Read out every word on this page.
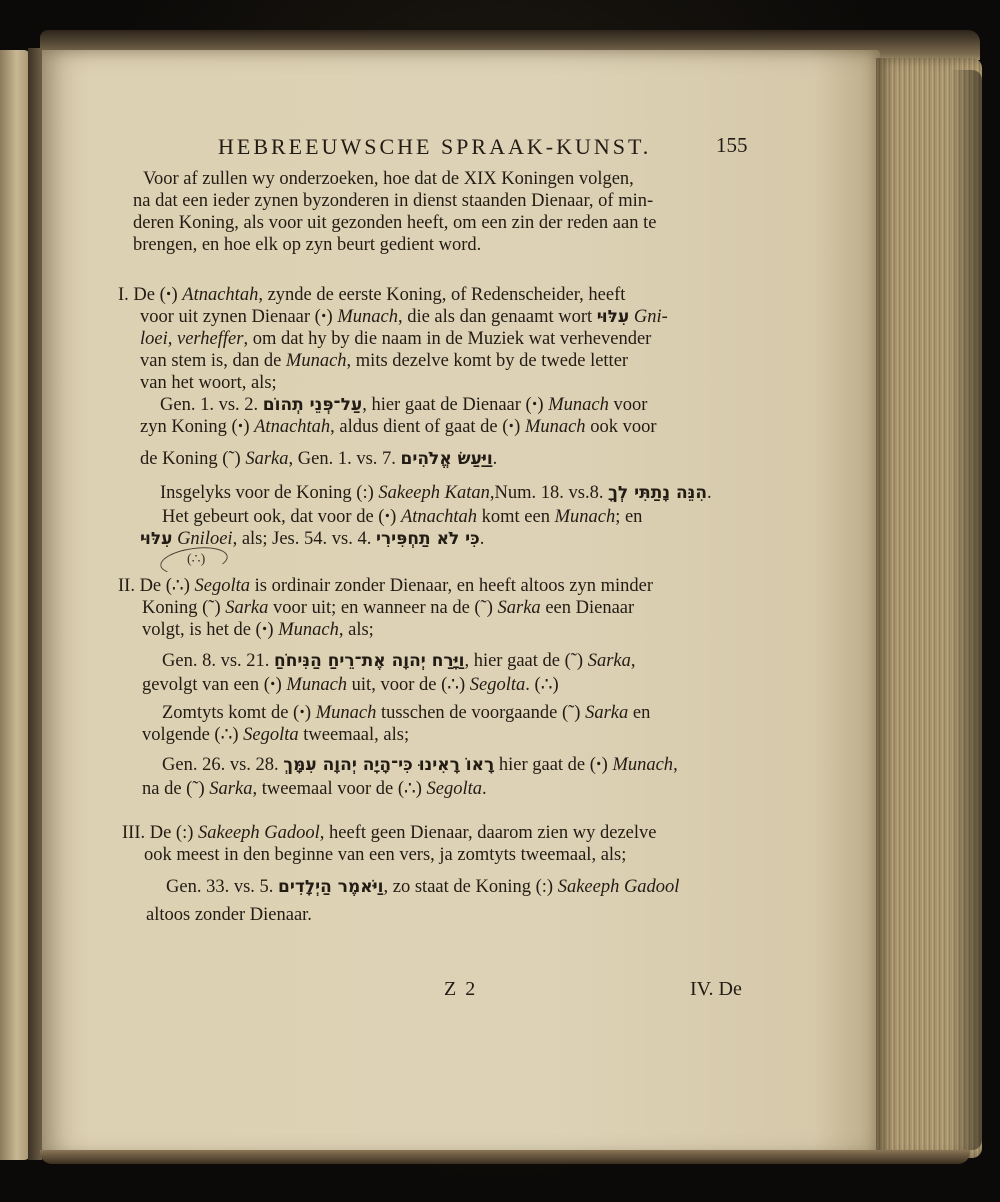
HEBREEUWSCHE SPRAAK-KUNST.	155
Voor af zullen wy onderzoeken, hoe dat de XIX Koningen volgen,
na dat een ieder zynen byzonderen in dienst staanden Dienaar, of min-
deren Koning, als voor uit gezonden heeft, om een zin der reden aan te
brengen, en hoe elk op zyn beurt gedient word.
I. De (ꞏ) Atnachtah, zynde de eerste Koning, of Redenscheider, heeft
voor uit zynen Dienaar (ꞏ) Munach, die als dan genaamt wort עִלּוּי Gni-
loei, verheffer, om dat hy by die naam in de Muziek wat verhevender
van stem is, dan de Munach, mits dezelve komt by de twede letter
van het woort, als;
Gen. 1. vs. 2. עַל־פְּנֵי תְהוֹם, hier gaat de Dienaar (ꞏ) Munach voor
zyn Koning (ꞏ) Atnachtah, aldus dient of gaat de (ꞏ) Munach ook voor
de Koning (˜) Sarka, Gen. 1. vs. 7. וַיַּעַשׂ אֱלֹהִים.
Insgelyks voor de Koning (:) Sakeeph Katan,Num. 18. vs.8. הִנֵּה נָתַתִּי לְךָ.
Het gebeurt ook, dat voor de (ꞏ) Atnachtah komt een Munach; en
עִלּוּי Gniloei, als; Jes. 54. vs. 4. כִּי לֹא תַחְפִּירִי.
(∴)
II. De (∴) Segolta is ordinair zonder Dienaar, en heeft altoos zyn minder
Koning (˜) Sarka voor uit; en wanneer na de (˜) Sarka een Dienaar
volgt, is het de (ꞏ) Munach, als;
Gen. 8. vs. 21. וַיָּרַח יְהוָה אֶת־רֵיחַ הַנִּיחֹחַ, hier gaat de (˜) Sarka,
gevolgt van een (ꞏ) Munach uit, voor de (∴) Segolta. (∴)
Zomtyts komt de (ꞏ) Munach tusschen de voorgaande (˜) Sarka en
volgende (∴) Segolta tweemaal, als;
Gen. 26. vs. 28. רָאוֹ רָאִינוּ כִּי־הָיָה יְהוָה עִמָּךְ hier gaat de (ꞏ) Munach,
na de (˜) Sarka, tweemaal voor de (∴) Segolta.
III. De (:) Sakeeph Gadool, heeft geen Dienaar, daarom zien wy dezelve
ook meest in den beginne van een vers, ja zomtyts tweemaal, als;
Gen. 33. vs. 5. וַיֹּאמֶר הַיְלָדִים, zo staat de Koning (:) Sakeeph Gadool
altoos zonder Dienaar.
Z 2	IV. De
